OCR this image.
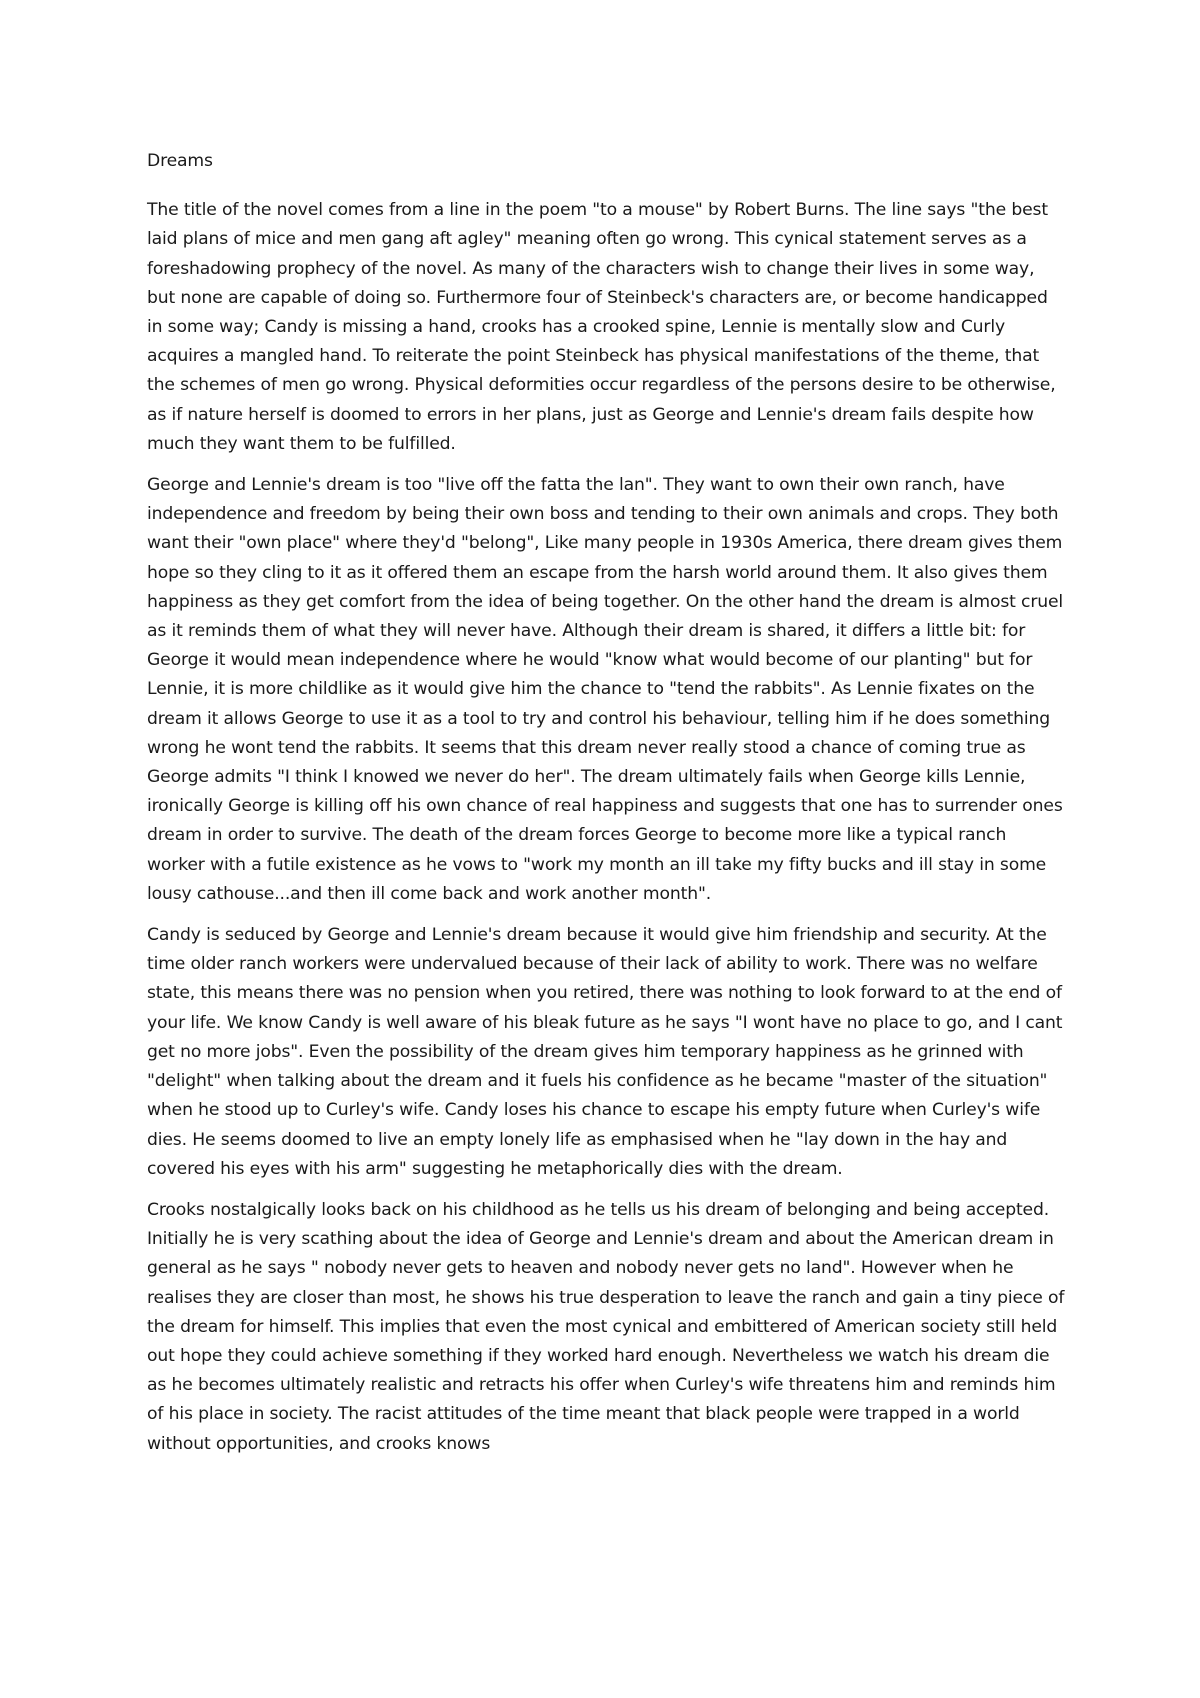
Dreams

The title of the novel comes from a line in the poem "to a mouse" by Robert Burns. The line says "the best laid plans of mice and men gang aft agley" meaning often go wrong. This cynical statement serves as a foreshadowing prophecy of the novel. As many of the characters wish to change their lives in some way, but none are capable of doing so. Furthermore four of Steinbeck's characters are, or become handicapped in some way; Candy is missing a hand, crooks has a crooked spine, Lennie is mentally slow and Curly acquires a mangled hand. To reiterate the point Steinbeck has physical manifestations of the theme, that the schemes of men go wrong. Physical deformities occur regardless of the persons desire to be otherwise, as if nature herself is doomed to errors in her plans, just as George and Lennie's dream fails despite how much they want them to be fulfilled.

George and Lennie's dream is too "live off the fatta the lan". They want to own their own ranch, have independence and freedom by being their own boss and tending to their own animals and crops. They both want their "own place" where they'd "belong", Like many people in 1930s America, there dream gives them hope so they cling to it as it offered them an escape from the harsh world around them. It also gives them happiness as they get comfort from the idea of being together. On the other hand the dream is almost cruel as it reminds them of what they will never have. Although their dream is shared, it differs a little bit: for George it would mean independence where he would "know what would become of our planting" but for Lennie, it is more childlike as it would give him the chance to "tend the rabbits". As Lennie fixates on the dream it allows George to use it as a tool to try and control his behaviour, telling him if he does something wrong he wont tend the rabbits. It seems that this dream never really stood a chance of coming true as George admits "I think I knowed we never do her". The dream ultimately fails when George kills Lennie, ironically George is killing off his own chance of real happiness and suggests that one has to surrender ones dream in order to survive. The death of the dream forces George to become more like a typical ranch worker with a futile existence as he vows to "work my month an ill take my fifty bucks and ill stay in some lousy cathouse...and then ill come back and work another month".

Candy is seduced by George and Lennie's dream because it would give him friendship and security. At the time older ranch workers were undervalued because of their lack of ability to work. There was no welfare state, this means there was no pension when you retired, there was nothing to look forward to at the end of your life. We know Candy is well aware of his bleak future as he says "I wont have no place to go, and I cant get no more jobs". Even the possibility of the dream gives him temporary happiness as he grinned with "delight" when talking about the dream and it fuels his confidence as he became "master of the situation" when he stood up to Curley's wife. Candy loses his chance to escape his empty future when Curley's wife dies. He seems doomed to live an empty lonely life as emphasised when he "lay down in the hay and covered his eyes with his arm" suggesting he metaphorically dies with the dream.

Crooks nostalgically looks back on his childhood as he tells us his dream of belonging and being accepted. Initially he is very scathing about the idea of George and Lennie's dream and about the American dream in general as he says " nobody never gets to heaven and nobody never gets no land". However when he realises they are closer than most, he shows his true desperation to leave the ranch and gain a tiny piece of the dream for himself. This implies that even the most cynical and embittered of American society still held out hope they could achieve something if they worked hard enough. Nevertheless we watch his dream die as he becomes ultimately realistic and retracts his offer when Curley's wife threatens him and reminds him of his place in society. The racist attitudes of the time meant that black people were trapped in a world without opportunities, and crooks knows
